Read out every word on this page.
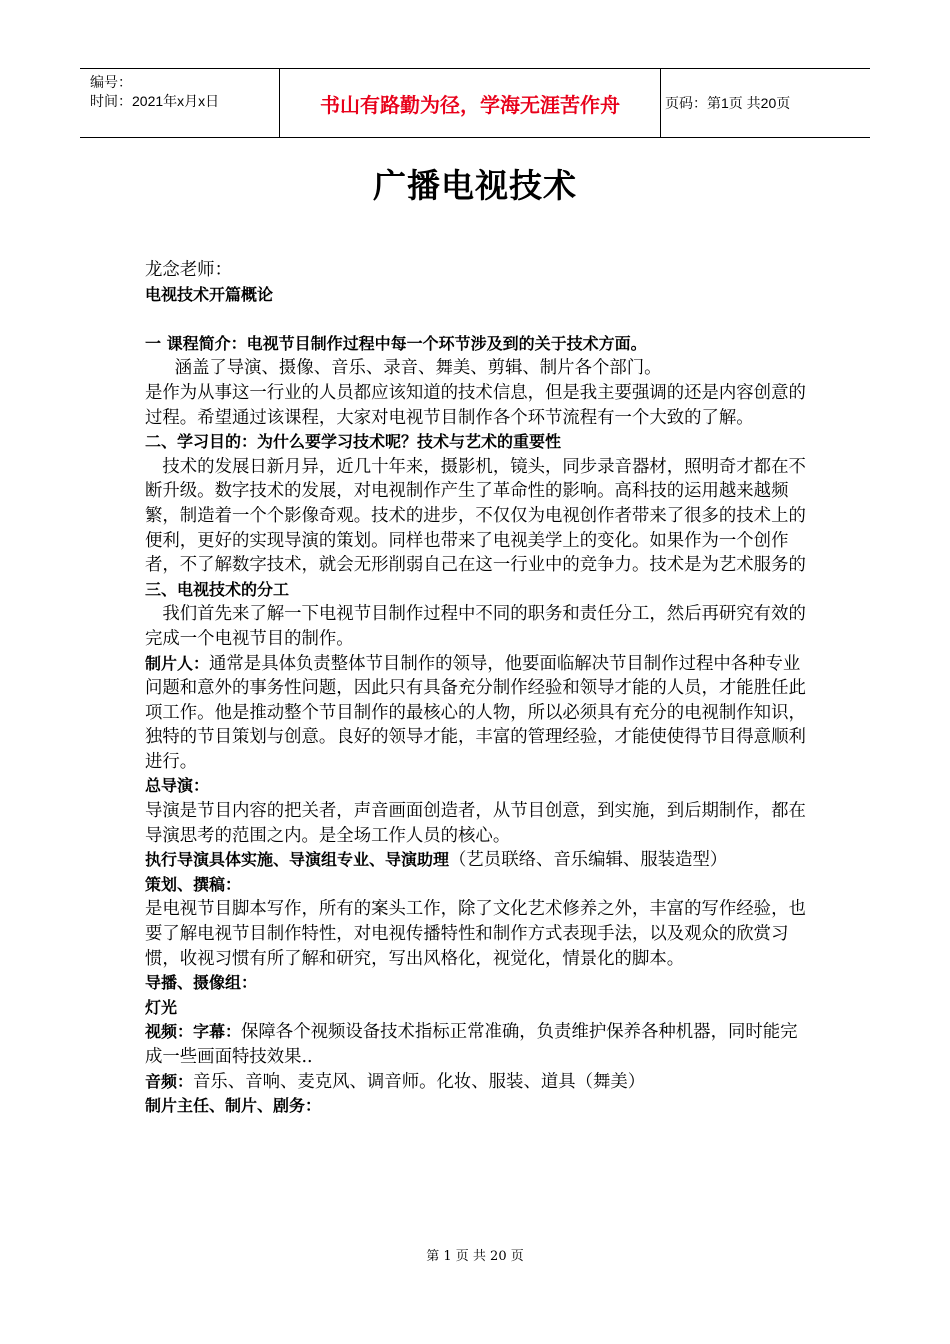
编号：
时间：2021年x月x日	书山有路勤为径，学海无涯苦作舟	页码：第1页 共20页
广播电视技术

龙念老师：

电视技术开篇概论

一 课程简介：电视节目制作过程中每一个环节涉及到的关于技术方面。

涵盖了导演、摄像、音乐、录音、舞美、剪辑、制片各个部门。

是作为从事这一行业的人员都应该知道的技术信息，但是我主要强调的还是内容创意的过程。希望通过该课程，大家对电视节目制作各个环节流程有一个大致的了解。

二、学习目的：为什么要学习技术呢？技术与艺术的重要性

技术的发展日新月异，近几十年来，摄影机，镜头，同步录音器材，照明奇才都在不断升级。数字技术的发展，对电视制作产生了革命性的影响。高科技的运用越来越频繁，制造着一个个影像奇观。技术的进步，不仅仅为电视创作者带来了很多的技术上的便利，更好的实现导演的策划。同样也带来了电视美学上的变化。如果作为一个创作者，不了解数字技术，就会无形削弱自己在这一行业中的竞争力。技术是为艺术服务的

三、电视技术的分工

我们首先来了解一下电视节目制作过程中不同的职务和责任分工，然后再研究有效的完成一个电视节目的制作。

制片人：通常是具体负责整体节目制作的领导，他要面临解决节目制作过程中各种专业问题和意外的事务性问题，因此只有具备充分制作经验和领导才能的人员，才能胜任此项工作。他是推动整个节目制作的最核心的人物，所以必须具有充分的电视制作知识，独特的节目策划与创意。良好的领导才能，丰富的管理经验，才能使使得节目得意顺利进行。

总导演：

导演是节目内容的把关者，声音画面创造者，从节目创意，到实施，到后期制作，都在导演思考的范围之内。是全场工作人员的核心。

执行导演具体实施、导演组专业、导演助理（艺员联络、音乐编辑、服装造型）

策划、撰稿：

是电视节目脚本写作，所有的案头工作，除了文化艺术修养之外，丰富的写作经验，也要了解电视节目制作特性，对电视传播特性和制作方式表现手法，以及观众的欣赏习惯，收视习惯有所了解和研究，写出风格化，视觉化，情景化的脚本。

导播、摄像组：

灯光

视频：字幕：保障各个视频设备技术指标正常准确，负责维护保养各种机器，同时能完成一些画面特技效果..

音频：音乐、音响、麦克风、调音师。化妆、服装、道具（舞美）

制片主任、制片、剧务：

第 1 页 共 20 页
